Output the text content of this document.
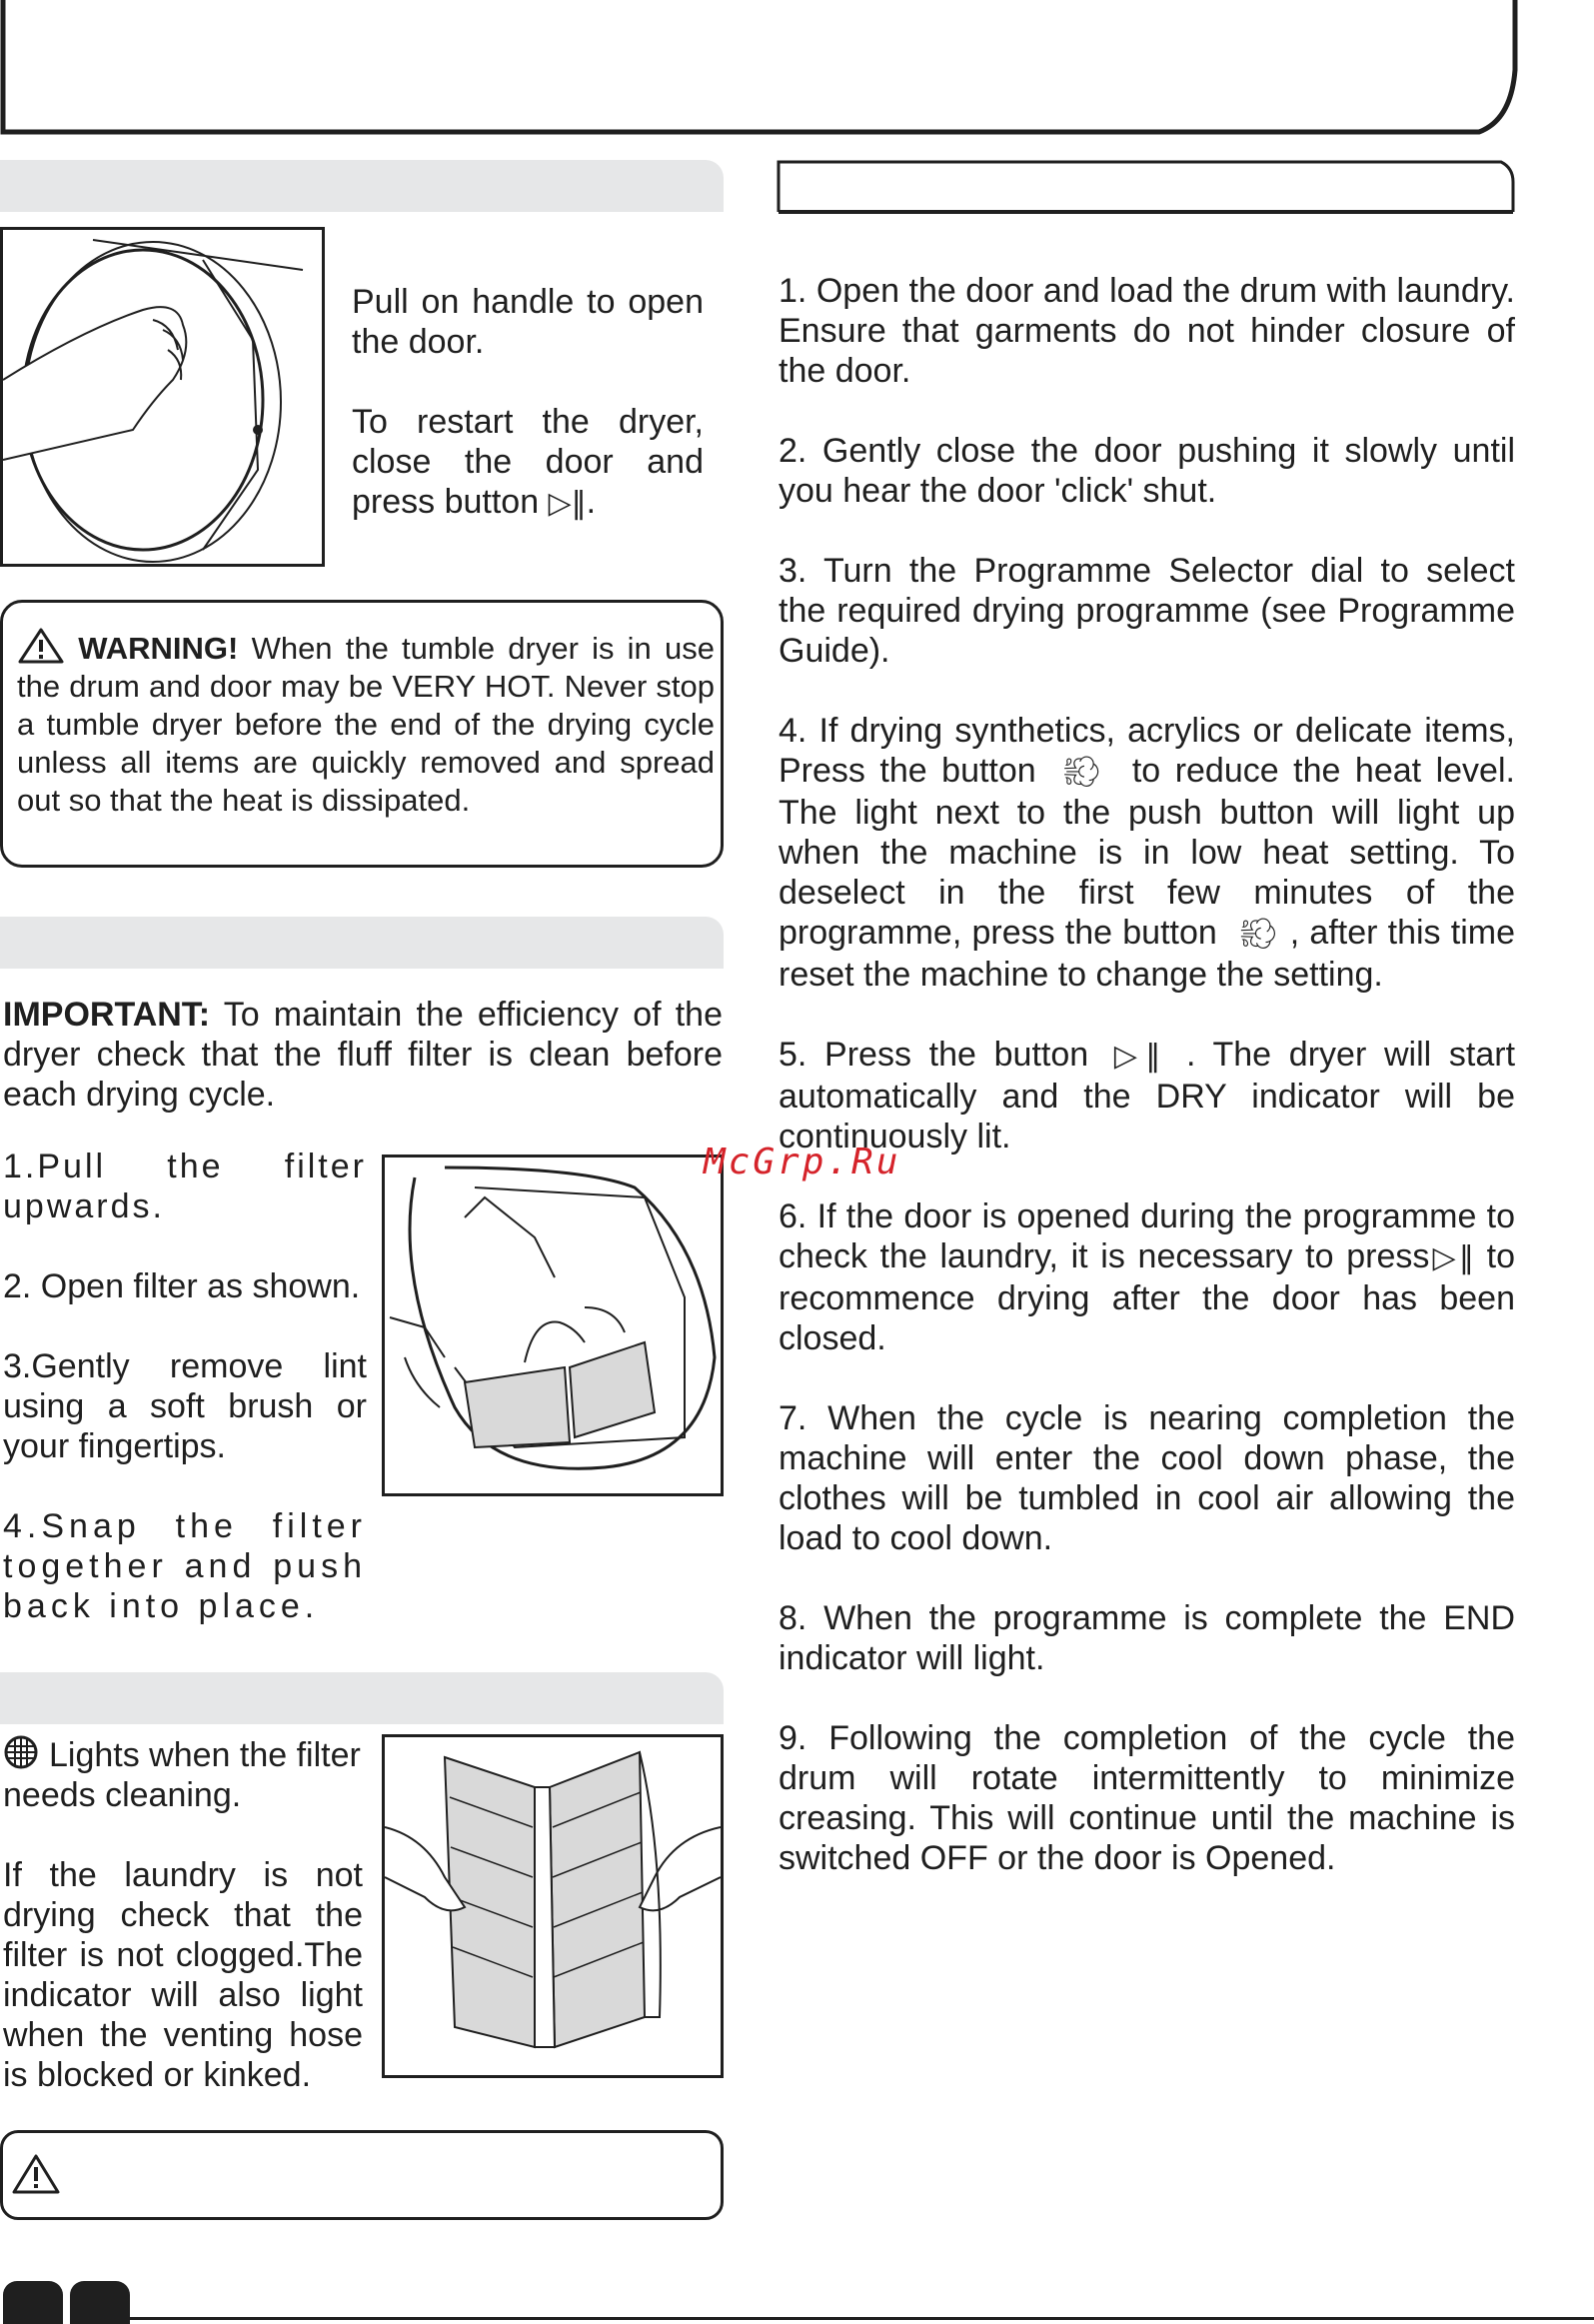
Pull on handle to open the door.

To restart the dryer, close the door and press button ▷‖.

WARNING! When the tumble dryer is in use the drum and door may be VERY HOT. Never stop a tumble dryer before the end of the drying cycle unless all items are quickly removed and spread out so that the heat is dissipated.
IMPORTANT: To maintain the efficiency of the dryer check that the fluff filter is clean before each drying cycle.

1.Pull the filter upwards.

2. Open filter as shown.

3.Gently remove lint using a soft brush or your fingertips.

4.Snap the filter together and push back into place.

Lights when the filter needs cleaning.

If the laundry is not drying check that the filter is not clogged.The indicator will also light when the venting hose is blocked or kinked.

1. Open the door and load the drum with laundry. Ensure that garments do not hinder closure of the door.

2. Gently close the door pushing it slowly until you hear the door 'click' shut.

3. Turn the Programme Selector dial to select the required drying programme (see Programme Guide).

4. If drying synthetics, acrylics or delicate items, Press the button 💨︎ to reduce the heat level. The light next to the push button will light up when the machine is in low heat setting. To deselect in the first few minutes of the programme, press the button 💨︎ , after this time reset the machine to change the setting.

5. Press the button ▷‖ . The dryer will start automatically and the DRY indicator will be continuously lit.

6. If the door is opened during the programme to check the laundry, it is necessary to press▷‖ to recommence drying after the door has been closed.

7. When the cycle is nearing completion the machine will enter the cool down phase, the clothes will be tumbled in cool air allowing the load to cool down.

8. When the programme is complete the END indicator will light.

9. Following the completion of the cycle the drum will rotate intermittently to minimize creasing. This will continue until the machine is switched OFF or the door is Opened.

McGrp.Ru
